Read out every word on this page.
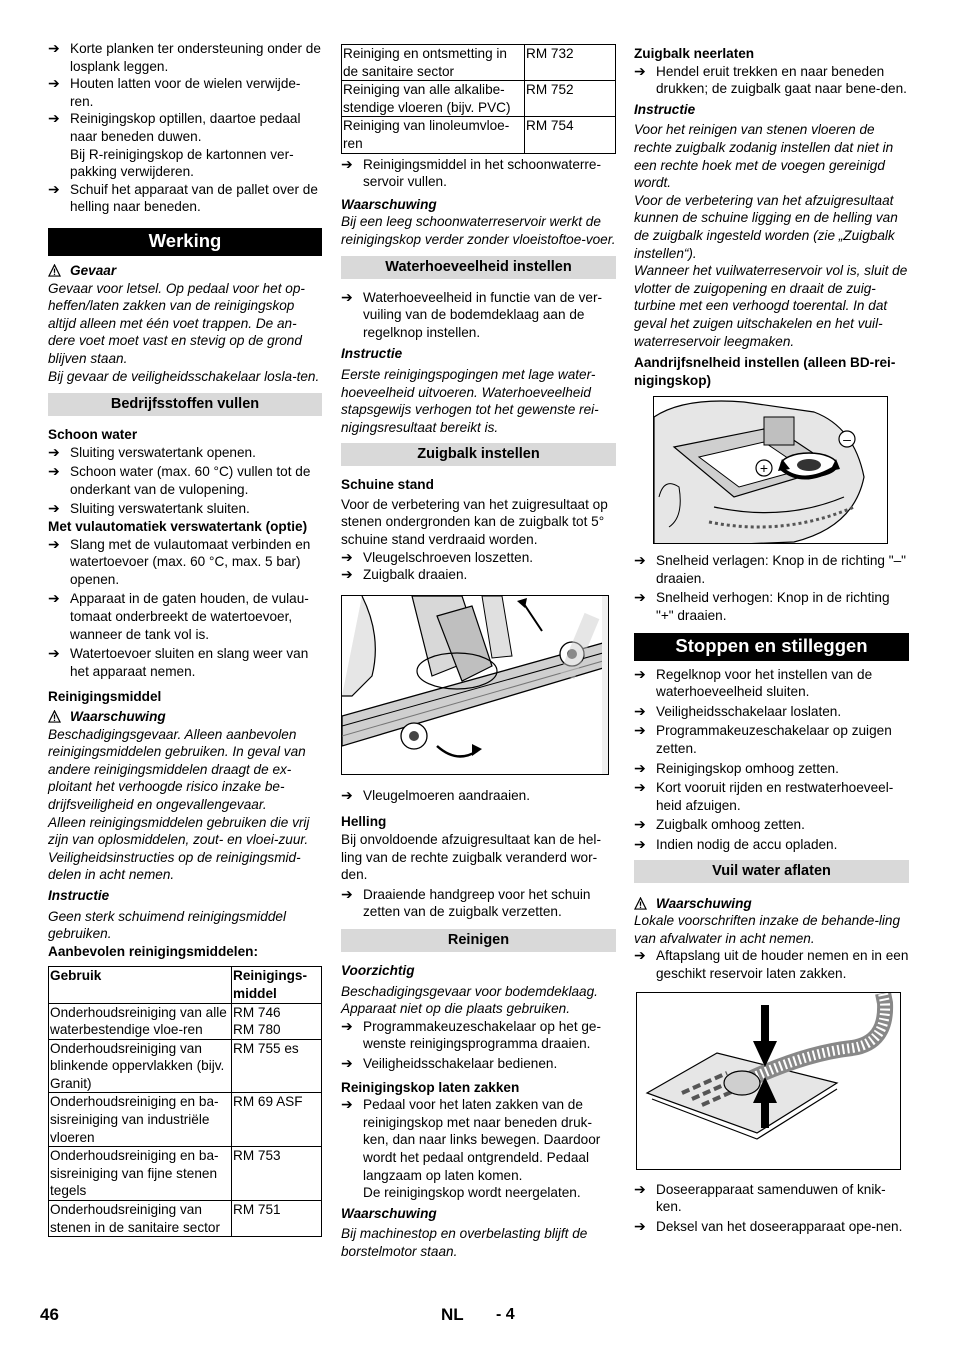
➔ Korte planken ter ondersteuning onder de losplank leggen.
➔ Houten latten voor de wielen verwijde-ren.
➔ Reinigingskop optillen, daartoe pedaal naar beneden duwen.

Bij R-reinigingskop de kartonnen ver-pakking verwijderen.

➔ Schuif het apparaat van de pallet over de helling naar beneden.
Werking
Gevaar

Gevaar voor letsel. Op pedaal voor het op-heffen/laten zakken van de reinigingskop altijd alleen met één voet trappen. De an-dere voet moet vast en stevig op de grond blijven staan.

Bij gevaar de veiligheidsschakelaar losla-ten.

Bedrijfsstoffen vullen

Schoon water

➔ Sluiting verswatertank openen.
➔ Schoon water (max. 60 °C) vullen tot de onderkant van de vulopening.
➔ Sluiting verswatertank sluiten.

Met vulautomatiek verswatertank (optie)

➔ Slang met de vulautomaat verbinden en watertoevoer (max. 60 °C, max. 5 bar) openen.
➔ Apparaat in de gaten houden, de vulau-tomaat onderbreekt de watertoevoer, wanneer de tank vol is.
➔ Watertoevoer sluiten en slang weer van het apparaat nemen.

Reinigingsmiddel

Waarschuwing

Beschadigingsgevaar. Alleen aanbevolen reinigingsmiddelen gebruiken. In geval van andere reinigingsmiddelen draagt de ex-ploitant het verhoogde risico inzake be-drijfsveiligheid en ongevallengevaar.

Alleen reinigingsmiddelen gebruiken die vrij zijn van oplosmiddelen, zout- en vloei-zuur.

Veiligheidsinstructies op de reinigingsmid-delen in acht nemen.

Instructie

Geen sterk schuimend reinigingsmiddel gebruiken.

Aanbevolen reinigingsmiddelen:

Gebruik	Reinigings-middel
Onderhoudsreiniging van alle waterbestendige vloe-ren	RM 746
RM 780
Onderhoudsreiniging van blinkende oppervlakken (bijv. Granit)	RM 755 es
Onderhoudsreiniging en ba-sisreiniging van industriële vloeren	RM 69 ASF
Onderhoudsreiniging en ba-sisreiniging van fijne stenen tegels	RM 753
Onderhoudsreiniging van stenen in de sanitaire sector	RM 751
Reiniging en ontsmetting in de sanitaire sector	RM 732
Reiniging van alle alkalibe-stendige vloeren (bijv. PVC)	RM 752
Reiniging van linoleumvloe-ren	RM 754
➔ Reinigingsmiddel in het schoonwaterre-servoir vullen.

Waarschuwing

Bij een leeg schoonwaterreservoir werkt de reinigingskop verder zonder vloeistoftoe-voer.

Waterhoeveelheid instellen
➔ Waterhoeveelheid in functie van de ver-vuiling van de bodemdeklaag aan de regelknop instellen.

Instructie

Eerste reinigingspogingen met lage water-hoeveelheid uitvoeren. Waterhoeveelheid stapsgewijs verhogen tot het gewenste rei-nigingsresultaat bereikt is.

Zuigbalk instellen

Schuine stand

Voor de verbetering van het zuigresultaat op stenen ondergronden kan de zuigbalk tot 5° schuine stand verdraaid worden.

➔ Vleugelschroeven loszetten.
➔ Zuigbalk draaien.
➔ Vleugelmoeren aandraaien.

Helling

Bij onvoldoende afzuigresultaat kan de hel-ling van de rechte zuigbalk veranderd wor-den.

➔ Draaiende handgreep voor het schuin zetten van de zuigbalk verzetten.
Reinigen

Voorzichtig

Beschadigingsgevaar voor bodemdeklaag. Apparaat niet op die plaats gebruiken.

➔ Programmakeuzeschakelaar op het ge-wenste reinigingsprogramma draaien.
➔ Veiligheidsschakelaar bedienen.

Reinigingskop laten zakken

➔ Pedaal voor het laten zakken van de reinigingskop met naar beneden druk-ken, dan naar links bewegen. Daardoor wordt het pedaal ontgrendeld. Pedaal langzaam op laten komen.

De reinigingskop wordt neergelaten.

Waarschuwing

Bij machinestop en overbelasting blijft de borstelmotor staan.

Zuigbalk neerlaten

➔ Hendel eruit trekken en naar beneden drukken; de zuigbalk gaat naar bene-den.

Instructie

Voor het reinigen van stenen vloeren de rechte zuigbalk zodanig instellen dat niet in een rechte hoek met de voegen gereinigd wordt.

Voor de verbetering van het afzuigresultaat kunnen de schuine ligging en de helling van de zuigbalk ingesteld worden (zie „Zuigbalk instellen“).

Wanneer het vuilwaterreservoir vol is, sluit de vlotter de zuigopening en draait de zuig-turbine met een verhoogd toerental. In dat geval het zuigen uitschakelen en het vuil-waterreservoir leegmaken.

Aandrijfsnelheid instellen (alleen BD-rei-nigingskop)

+
–
➔ Snelheid verlagen: Knop in de richting "–" draaien.
➔ Snelheid verhogen: Knop in de richting "+" draaien.
Stoppen en stilleggen
➔ Regelknop voor het instellen van de waterhoeveelheid sluiten.
➔ Veiligheidsschakelaar loslaten.
➔ Programmakeuzeschakelaar op zuigen zetten.
➔ Reinigingskop omhoog zetten.
➔ Kort vooruit rijden en restwaterhoeveel-heid afzuigen.
➔ Zuigbalk omhoog zetten.
➔ Indien nodig de accu opladen.
Vuil water aflaten
Waarschuwing

Lokale voorschriften inzake de behande-ling van afvalwater in acht nemen.

➔ Aftapslang uit de houder nemen en in een geschikt reservoir laten zakken.
➔ Doseerapparaat samenduwen of knik-ken.
➔ Deksel van het doseerapparaat ope-nen.
46	NL - 4
